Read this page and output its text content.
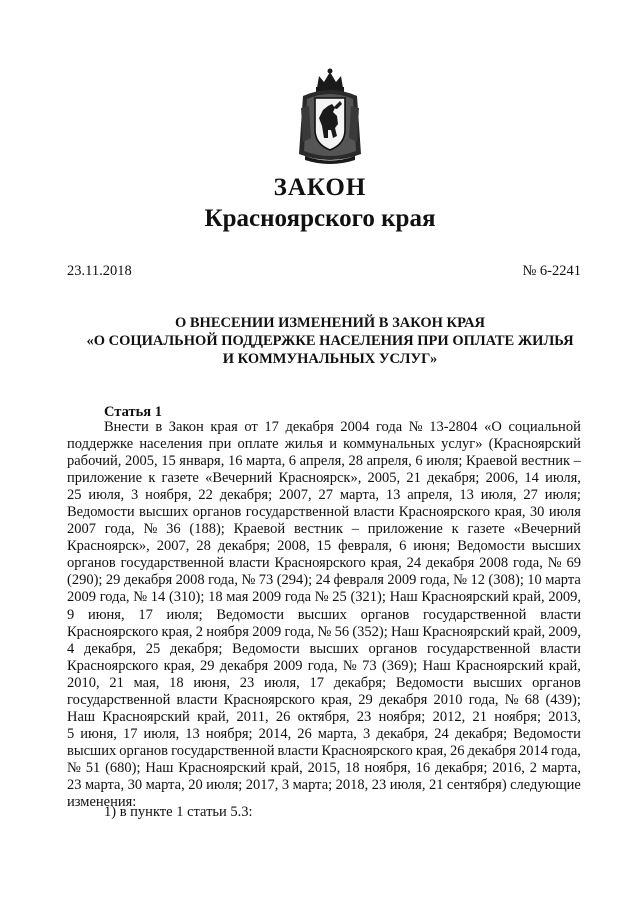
ЗАКОН
Красноярского края
23.11.2018	№ 6-2241
О ВНЕСЕНИИ ИЗМЕНЕНИЙ В ЗАКОН КРАЯ
«О СОЦИАЛЬНОЙ ПОДДЕРЖКЕ НАСЕЛЕНИЯ ПРИ ОПЛАТЕ ЖИЛЬЯ
И КОММУНАЛЬНЫХ УСЛУГ»
Статья 1
Внести в Закон края от 17 декабря 2004 года № 13-2804 «О социальной
поддержке населения при оплате жилья и коммунальных услуг» (Красноярский
рабочий, 2005, 15 января, 16 марта, 6 апреля, 28 апреля, 6 июля; Краевой вестник –
приложение к газете «Вечерний Красноярск», 2005, 21 декабря; 2006, 14 июля,
25 июля, 3 ноября, 22 декабря; 2007, 27 марта, 13 апреля, 13 июля, 27 июля;
Ведомости высших органов государственной власти Красноярского края, 30 июля
2007 года, № 36 (188); Краевой вестник – приложение к газете «Вечерний
Красноярск», 2007, 28 декабря; 2008, 15 февраля, 6 июня; Ведомости высших
органов государственной власти Красноярского края, 24 декабря 2008 года, № 69
(290); 29 декабря 2008 года, № 73 (294); 24 февраля 2009 года, № 12 (308); 10 марта
2009 года, № 14 (310); 18 мая 2009 года № 25 (321); Наш Красноярский край, 2009,
9 июня, 17 июля; Ведомости высших органов государственной власти
Красноярского края, 2 ноября 2009 года, № 56 (352); Наш Красноярский край, 2009,
4 декабря, 25 декабря; Ведомости высших органов государственной власти
Красноярского края, 29 декабря 2009 года, № 73 (369); Наш Красноярский край,
2010, 21 мая, 18 июня, 23 июля, 17 декабря; Ведомости высших органов
государственной власти Красноярского края, 29 декабря 2010 года, № 68 (439);
Наш Красноярский край, 2011, 26 октября, 23 ноября; 2012, 21 ноября; 2013,
5 июня, 17 июля, 13 ноября; 2014, 26 марта, 3 декабря, 24 декабря; Ведомости
высших органов государственной власти Красноярского края, 26 декабря 2014 года,
№ 51 (680); Наш Красноярский край, 2015, 18 ноября, 16 декабря; 2016, 2 марта,
23 марта, 30 марта, 20 июля; 2017, 3 марта; 2018, 23 июля, 21 сентября) следующие
изменения:
1) в пункте 1 статьи 5.3:
